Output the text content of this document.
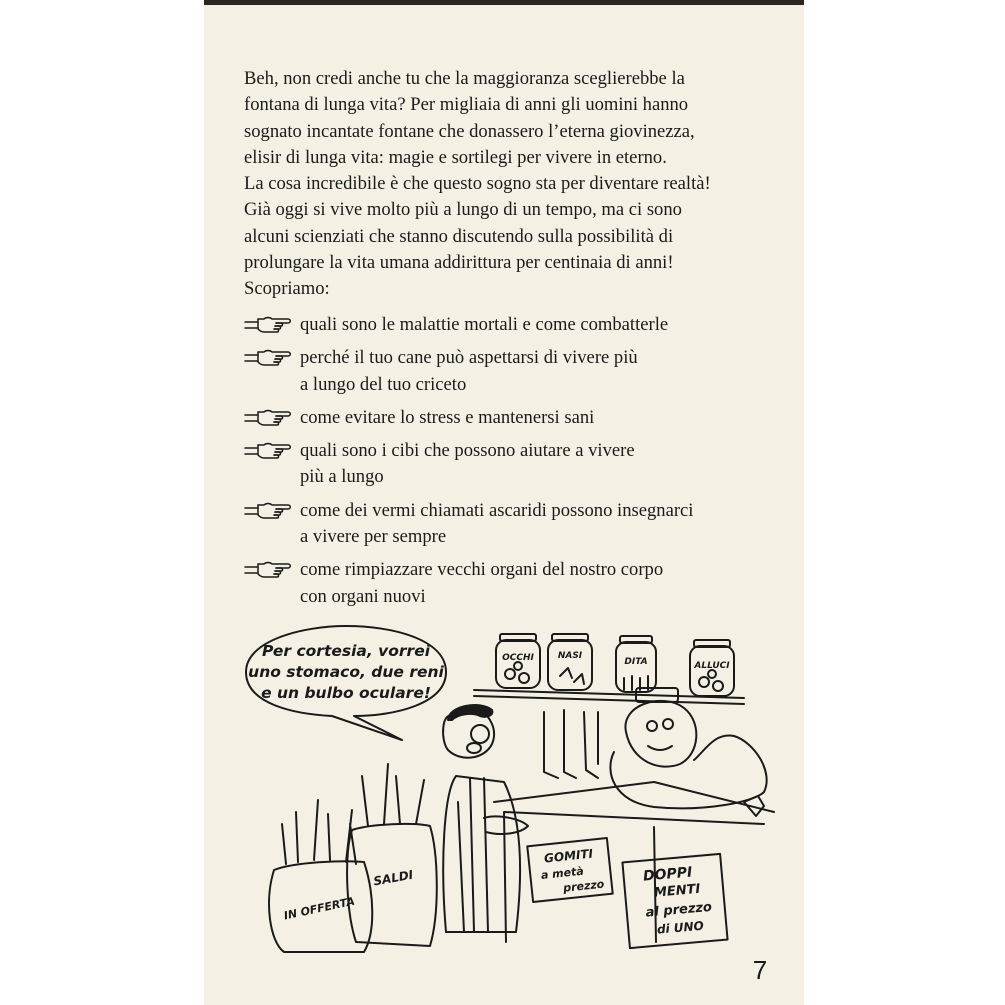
Beh, non credi anche tu che la maggioranza sceglierebbe la
fontana di lunga vita? Per migliaia di anni gli uomini hanno
sognato incantate fontane che donassero l’eterna giovinezza,
elisir di lunga vita: magie e sortilegi per vivere in eterno.
La cosa incredibile è che questo sogno sta per diventare realtà!
Già oggi si vive molto più a lungo di un tempo, ma ci sono
alcuni scienziati che stanno discutendo sulla possibilità di
prolungare la vita umana addirittura per centinaia di anni!
Scopriamo:
quali sono le malattie mortali e come combatterle
perché il tuo cane può aspettarsi di vivere più
a lungo del tuo criceto
come evitare lo stress e mantenersi sani
quali sono i cibi che possono aiutare a vivere
più a lungo
come dei vermi chiamati ascaridi possono insegnarci
a vivere per sempre
come rimpiazzare vecchi organi del nostro corpo
con organi nuovi
Per cortesia, vorrei
uno stomaco, due reni
e un bulbo oculare!
OCCHI	NASI
DITA	ALLUCI
GOMITI
a metà
prezzo
DOPPI
MENTI
al prezzo
di UNO
IN OFFERTA
SALDI
7
